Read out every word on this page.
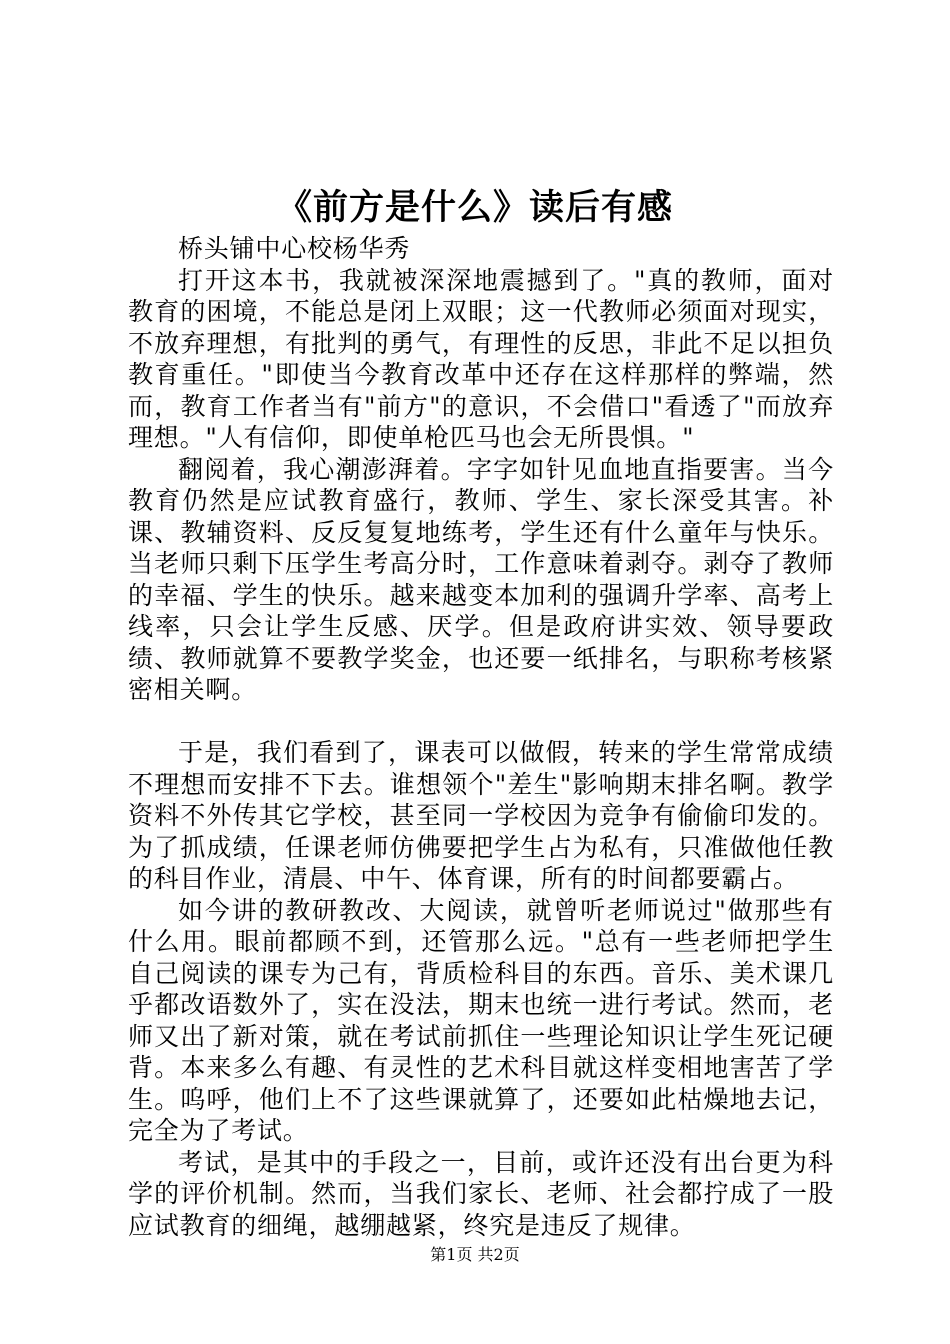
《前方是什么》读后有感

桥头铺中心校杨华秀

打开这本书，我就被深深地震撼到了。"真的教师，面对教育的困境，不能总是闭上双眼；这一代教师必须面对现实，不放弃理想，有批判的勇气，有理性的反思，非此不足以担负教育重任。"即使当今教育改革中还存在这样那样的弊端，然而，教育工作者当有"前方"的意识，不会借口"看透了"而放弃理想。"人有信仰，即使单枪匹马也会无所畏惧。"

翻阅着，我心潮澎湃着。字字如针见血地直指要害。当今教育仍然是应试教育盛行，教师、学生、家长深受其害。补课、教辅资料、反反复复地练考，学生还有什么童年与快乐。当老师只剩下压学生考高分时，工作意味着剥夺。剥夺了教师的幸福、学生的快乐。越来越变本加利的强调升学率、高考上线率，只会让学生反感、厌学。但是政府讲实效、领导要政绩、教师就算不要教学奖金，也还要一纸排名，与职称考核紧密相关啊。

于是，我们看到了，课表可以做假，转来的学生常常成绩不理想而安排不下去。谁想领个"差生"影响期末排名啊。教学资料不外传其它学校，甚至同一学校因为竞争有偷偷印发的。为了抓成绩，任课老师仿佛要把学生占为私有，只准做他任教的科目作业，清晨、中午、体育课，所有的时间都要霸占。

如今讲的教研教改、大阅读，就曾听老师说过"做那些有什么用。眼前都顾不到，还管那么远。"总有一些老师把学生自己阅读的课专为己有，背质检科目的东西。音乐、美术课几乎都改语数外了，实在没法，期末也统一进行考试。然而，老师又出了新对策，就在考试前抓住一些理论知识让学生死记硬背。本来多么有趣、有灵性的艺术科目就这样变相地害苦了学生。呜呼，他们上不了这些课就算了，还要如此枯燥地去记，完全为了考试。

考试，是其中的手段之一，目前，或许还没有出台更为科学的评价机制。然而，当我们家长、老师、社会都拧成了一股应试教育的细绳，越绷越紧，终究是违反了规律。

第1页 共2页
